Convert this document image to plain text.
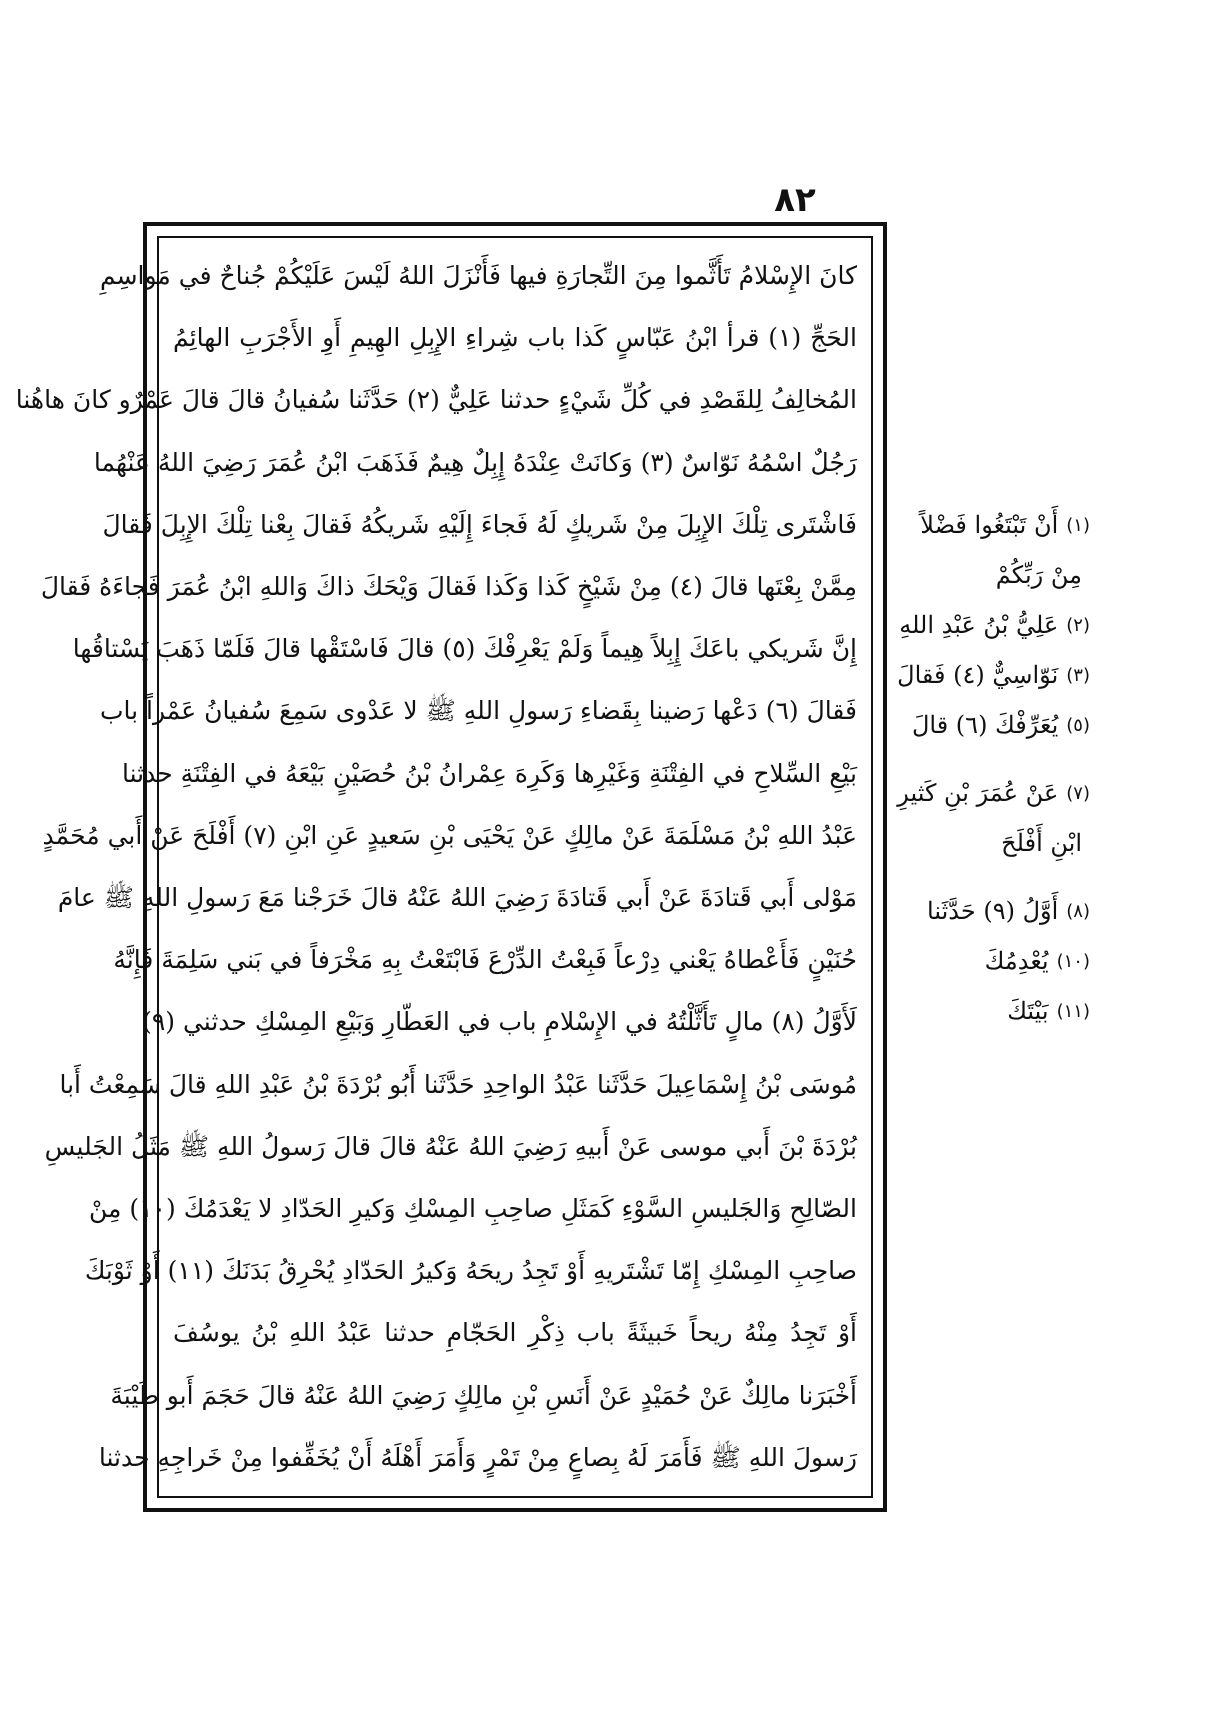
٨٢
كانَ الإِسْلامُ تَأَثَّموا مِنَ التِّجارَةِ فيها فَأَنْزَلَ اللهُ لَيْسَ عَلَيْكُمْ جُناحٌ في مَواسِمِ
الحَجِّ (١) قرأ ابْنُ عَبّاسٍ كَذا باب شِراءِ الإِبِلِ الهِيمِ أَوِ الأَجْرَبِ الهائِمُ
المُخالِفُ لِلقَصْدِ في كُلِّ شَيْءٍ حدثنا عَلِيٌّ (٢) حَدَّثَنا سُفيانُ قالَ قالَ عَمْرٌو كانَ هاهُنا
رَجُلٌ اسْمُهُ نَوّاسٌ (٣) وَكانَتْ عِنْدَهُ إِبِلٌ هِيمٌ فَذَهَبَ ابْنُ عُمَرَ رَضِيَ اللهُ عَنْهُما
فَاشْتَرى تِلْكَ الإِبِلَ مِنْ شَريكٍ لَهُ فَجاءَ إِلَيْهِ شَريكُهُ فَقالَ بِعْنا تِلْكَ الإِبِلَ فَقالَ
مِمَّنْ بِعْتَها قالَ (٤) مِنْ شَيْخٍ كَذا وَكَذا فَقالَ وَيْحَكَ ذاكَ وَاللهِ ابْنُ عُمَرَ فَجاءَهُ فَقالَ
إِنَّ شَريكي باعَكَ إِبِلاً هِيماً وَلَمْ يَعْرِفْكَ (٥) قالَ فَاسْتَقْها قالَ فَلَمّا ذَهَبَ يَسْتاقُها
فَقالَ (٦) دَعْها رَضينا بِقَضاءِ رَسولِ اللهِ ﷺ لا عَدْوى سَمِعَ سُفيانُ عَمْراً باب
بَيْعِ السِّلاحِ في الفِتْنَةِ وَغَيْرِها وَكَرِهَ عِمْرانُ بْنُ حُصَيْنٍ بَيْعَهُ في الفِتْنَةِ حدثنا
عَبْدُ اللهِ بْنُ مَسْلَمَةَ عَنْ مالِكٍ عَنْ يَحْيَى بْنِ سَعيدٍ عَنِ ابْنِ (٧) أَفْلَحَ عَنْ أَبي مُحَمَّدٍ
مَوْلى أَبي قَتادَةَ عَنْ أَبي قَتادَةَ رَضِيَ اللهُ عَنْهُ قالَ خَرَجْنا مَعَ رَسولِ اللهِ ﷺ عامَ
حُنَيْنٍ فَأَعْطاهُ يَعْني دِرْعاً فَبِعْتُ الدِّرْعَ فَابْتَعْتُ بِهِ مَخْرَفاً في بَني سَلِمَةَ فَإِنَّهُ
لَأَوَّلُ (٨) مالٍ تَأَثَّلْتُهُ في الإِسْلامِ باب في العَطّارِ وَبَيْعِ المِسْكِ حدثني (٩)
مُوسَى بْنُ إِسْمَاعِيلَ حَدَّثَنا عَبْدُ الواحِدِ حَدَّثَنا أَبُو بُرْدَةَ بْنُ عَبْدِ اللهِ قالَ سَمِعْتُ أَبا
بُرْدَةَ بْنَ أَبي موسى عَنْ أَبيهِ رَضِيَ اللهُ عَنْهُ قالَ قالَ رَسولُ اللهِ ﷺ مَثَلُ الجَليسِ
الصّالِحِ وَالجَليسِ السَّوْءِ كَمَثَلِ صاحِبِ المِسْكِ وَكيرِ الحَدّادِ لا يَعْدَمُكَ (١٠) مِنْ
صاحِبِ المِسْكِ إِمّا تَشْتَريهِ أَوْ تَجِدُ ريحَهُ وَكيرُ الحَدّادِ يُحْرِقُ بَدَنَكَ (١١) أَوْ ثَوْبَكَ
أَوْ تَجِدُ مِنْهُ ريحاً خَبيثَةً باب ذِكْرِ الحَجّامِ حدثنا عَبْدُ اللهِ بْنُ يوسُفَ
أَخْبَرَنا مالِكٌ عَنْ حُمَيْدٍ عَنْ أَنَسِ بْنِ مالِكٍ رَضِيَ اللهُ عَنْهُ قالَ حَجَمَ أَبو طَيْبَةَ
رَسولَ اللهِ ﷺ فَأَمَرَ لَهُ بِصاعٍ مِنْ تَمْرٍ وَأَمَرَ أَهْلَهُ أَنْ يُخَفِّفوا مِنْ خَراجِهِ حدثنا
(١)
أَنْ تَبْتَغُوا فَضْلاً
مِنْ رَبِّكُمْ
(٢)
عَلِيُّ بْنُ عَبْدِ اللهِ
(٣)
نَوّاسِيٌّ (٤) فَقالَ
(٥)
يُعَرِّفْكَ (٦) قالَ
(٧)
عَنْ عُمَرَ بْنِ كَثيرِ
ابْنِ أَفْلَحَ
(٨)
أَوَّلُ (٩) حَدَّثَنا
(١٠)
يُعْدِمُكَ
(١١)
بَيْتَكَ
